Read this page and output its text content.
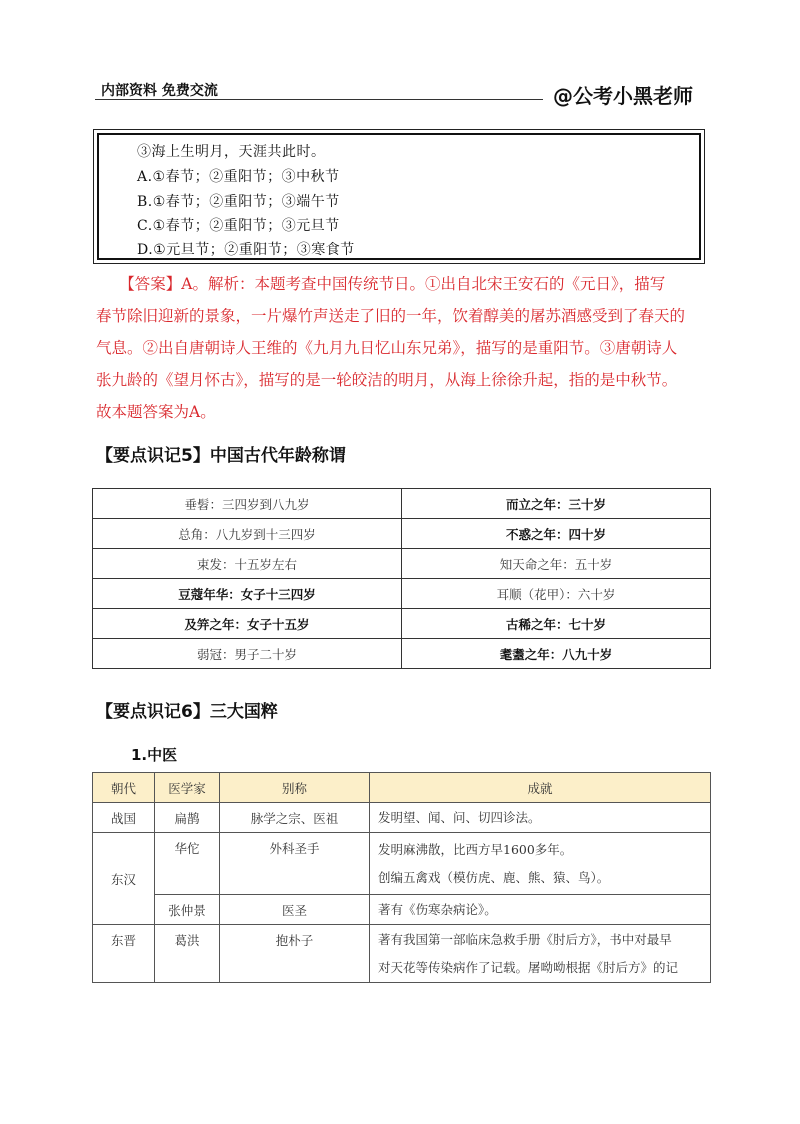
内部资料 免费交流	@公考小黑老师
③海上生明月，天涯共此时。
A.①春节；②重阳节；③中秋节
B.①春节；②重阳节；③端午节
C.①春节；②重阳节；③元旦节
D.①元旦节；②重阳节；③寒食节
　　【答案】A。解析：本题考查中国传统节日。①出自北宋王安石的《元日》，描写
春节除旧迎新的景象，一片爆竹声送走了旧的一年，饮着醇美的屠苏酒感受到了春天的
气息。②出自唐朝诗人王维的《九月九日忆山东兄弟》，描写的是重阳节。③唐朝诗人
张九龄的《望月怀古》，描写的是一轮皎洁的明月，从海上徐徐升起，指的是中秋节。
故本题答案为A。
【要点识记5】中国古代年龄称谓
垂髫：三四岁到八九岁	而立之年：三十岁
总角：八九岁到十三四岁	不惑之年：四十岁
束发：十五岁左右	知天命之年：五十岁
豆蔻年华：女子十三四岁	耳顺（花甲）：六十岁
及笄之年：女子十五岁	古稀之年：七十岁
弱冠：男子二十岁	耄耋之年：八九十岁
【要点识记6】三大国粹
1.中医
朝代	医学家	别称	成就
战国	扁鹊	脉学之宗、医祖	发明望、闻、问、切四诊法。

东汉	华佗	外科圣手	发明麻沸散，比西方早1600多年。
创编五禽戏（模仿虎、鹿、熊、猿、鸟）。

	张仲景	医圣	著有《伤寒杂病论》。

东晋	葛洪	抱朴子	著有我国第一部临床急救手册《肘后方》，书中对最早
对天花等传染病作了记载。屠呦呦根据《肘后方》的记
